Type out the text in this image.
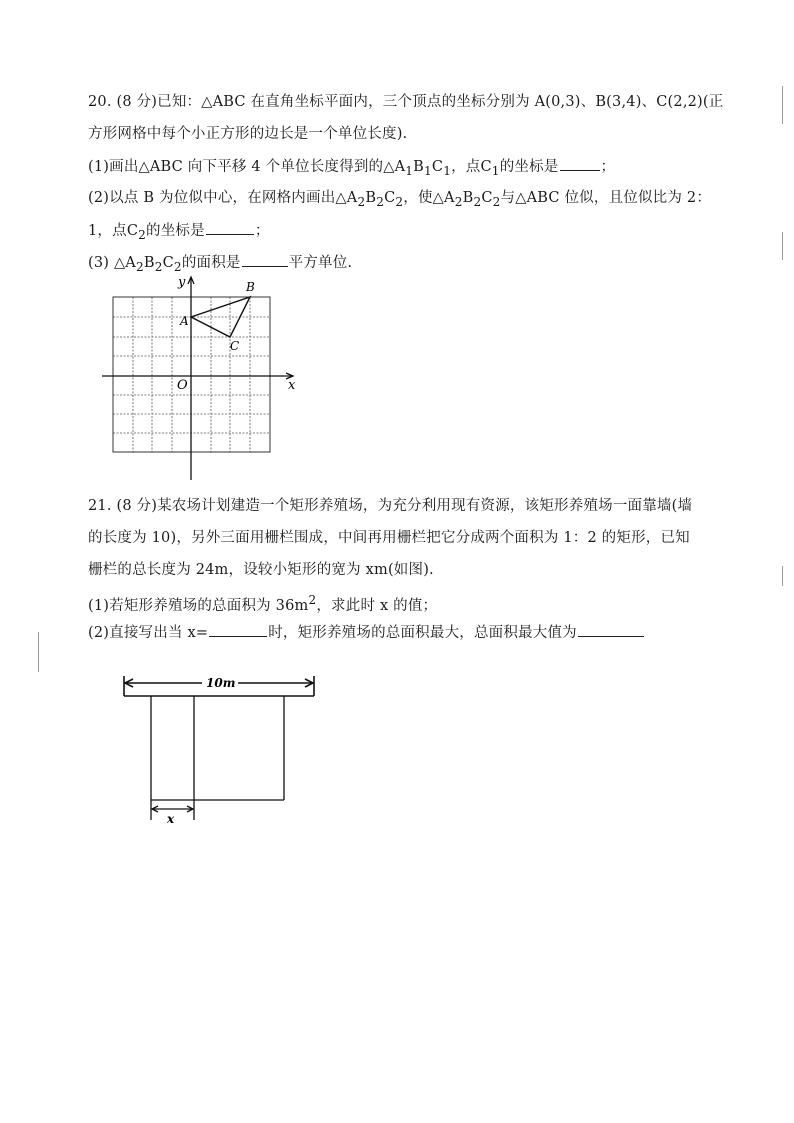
20. (8 分)已知：△ABC 在直角坐标平面内，三个顶点的坐标分别为 A(0,3)、B(3,4)、C(2,2)(正
方形网格中每个小正方形的边长是一个单位长度).
(1)画出△ABC 向下平移 4 个单位长度得到的$\triangle A_1B_1C_1$，点$C_1$的坐标是	；
(2)以点 B 为位似中心，在网格内画出$\triangle A_2B_2C_2$，使$\triangle A_2B_2C_2$与△ABC 位似，且位似比为 2：
1，点$C_2$的坐标是	；
(3) $\triangle A_2B_2C_2$的面积是	平方单位.
y
x
O
A
B
C
21. (8 分)某农场计划建造一个矩形养殖场，为充分利用现有资源，该矩形养殖场一面靠墙(墙
的长度为 10)，另外三面用栅栏围成，中间再用栅栏把它分成两个面积为 1：2 的矩形，已知
栅栏的总长度为 24m，设较小矩形的宽为 xm(如图).
(1)若矩形养殖场的总面积为 $36m^2$，求此时 x 的值；
(2)直接写出当 x=	时，矩形养殖场的总面积最大，总面积最大值为
10m
x
